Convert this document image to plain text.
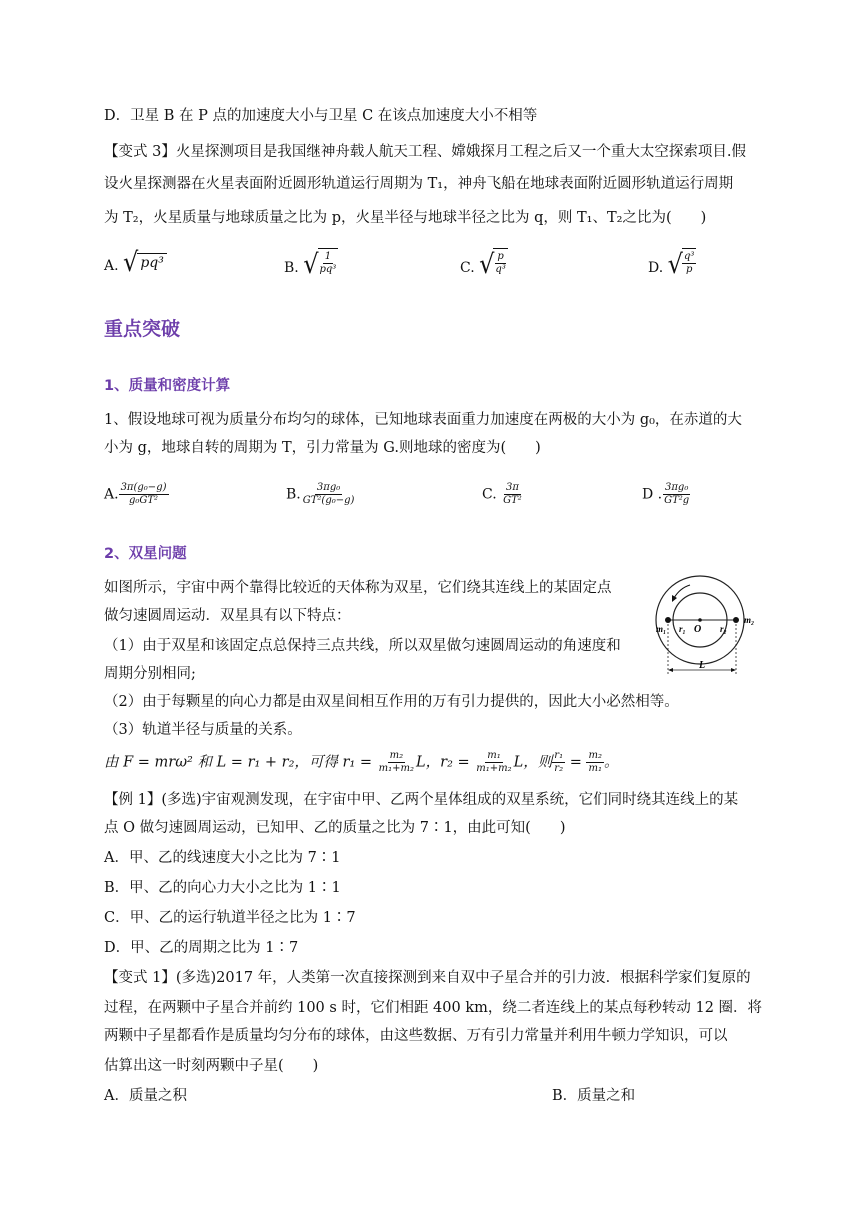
D．卫星 B 在 P 点的加速度大小与卫星 C 在该点加速度大小不相等
【变式 3】火星探测项目是我国继神舟载人航天工程、嫦娥探月工程之后又一个重大太空探索项目.假
设火星探测器在火星表面附近圆形轨道运行周期为 T₁，神舟飞船在地球表面附近圆形轨道运行周期
为 T₂，火星质量与地球质量之比为 p，火星半径与地球半径之比为 q，则 T₁、T₂之比为(　　)
A. √ pq³	B. √ $\frac{1}{\text{pq³}}$	C. √ $\frac{p}{\text{q³}}$	D. √ $\frac{\text{q³}}{p}$
重点突破
1、质量和密度计算
1、假设地球可视为质量分布均匀的球体，已知地球表面重力加速度在两极的大小为 g₀，在赤道的大
小为 g，地球自转的周期为 T，引力常量为 G.则地球的密度为(　　)
A. $\frac{\text{3π(g₀−g)}}{\text{g₀GT²}}$	B. $\frac{\text{3πg₀}}{\text{GT²(g₀−g)}}$	C. $\frac{3\pi}{\text{GT²}}$	D . $\frac{\text{3πg₀}}{\text{GT²g}}$
2、双星问题
如图所示，宇宙中两个靠得比较近的天体称为双星，它们绕其连线上的某固定点
做匀速圆周运动．双星具有以下特点：
（1）由于双星和该固定点总保持三点共线，所以双星做匀速圆周运动的角速度和
周期分别相同;
（2）由于每颗星的向心力都是由双星间相互作用的万有引力提供的，因此大小必然相等。
（3）轨道半径与质量的关系。
由 F = mrω² 和 L = r₁ + r₂，可得 $r_1 = \frac{\text{m₂}}{\text{m₁+m₂}}$ L，$r_2 = \frac{\text{m₁}}{\text{m₁+m₂}}$ L，则 $\frac{\text{r₁}}{\text{r₂}} = \frac{\text{m₂}}{\text{m₁}}$ 。
m₁
m₂
r₁ O r₂
L
【例 1】(多选)宇宙观测发现，在宇宙中甲、乙两个星体组成的双星系统，它们同时绕其连线上的某
点 O 做匀速圆周运动，已知甲、乙的质量之比为 7∶1，由此可知(　　)
A．甲、乙的线速度大小之比为 7∶1
B．甲、乙的向心力大小之比为 1∶1
C．甲、乙的运行轨道半径之比为 1∶7
D．甲、乙的周期之比为 1∶7
【变式 1】(多选)2017 年，人类第一次直接探测到来自双中子星合并的引力波．根据科学家们复原的
过程，在两颗中子星合并前约 100 s 时，它们相距 400 km，绕二者连线上的某点每秒转动 12 圈．将
两颗中子星都看作是质量均匀分布的球体，由这些数据、万有引力常量并利用牛顿力学知识，可以
估算出这一时刻两颗中子星(　　)
A．质量之积	B．质量之和
